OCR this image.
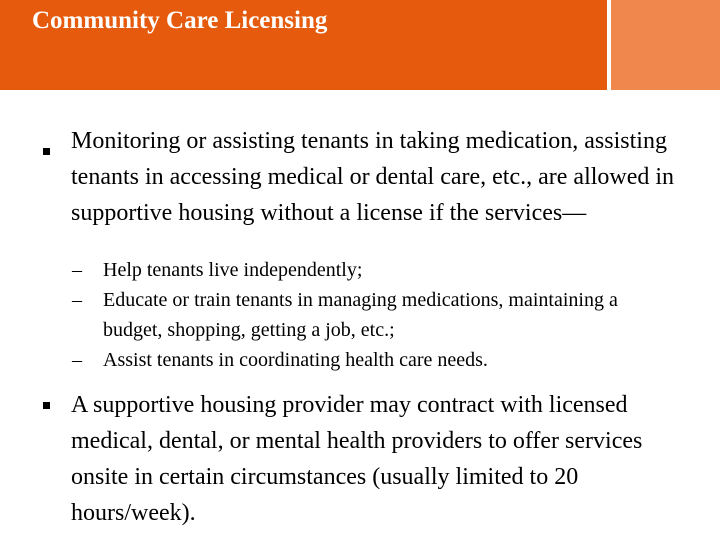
Community Care Licensing
Monitoring or assisting tenants in taking medication, assisting tenants in accessing medical or dental care, etc., are allowed in supportive housing without a license if the services—
– Help tenants live independently;
– Educate or train tenants in managing medications, maintaining a budget, shopping, getting a job, etc.;
– Assist tenants in coordinating health care needs.
A supportive housing provider may contract with licensed medical, dental, or mental health providers to offer services onsite in certain circumstances (usually limited to 20 hours/week).
